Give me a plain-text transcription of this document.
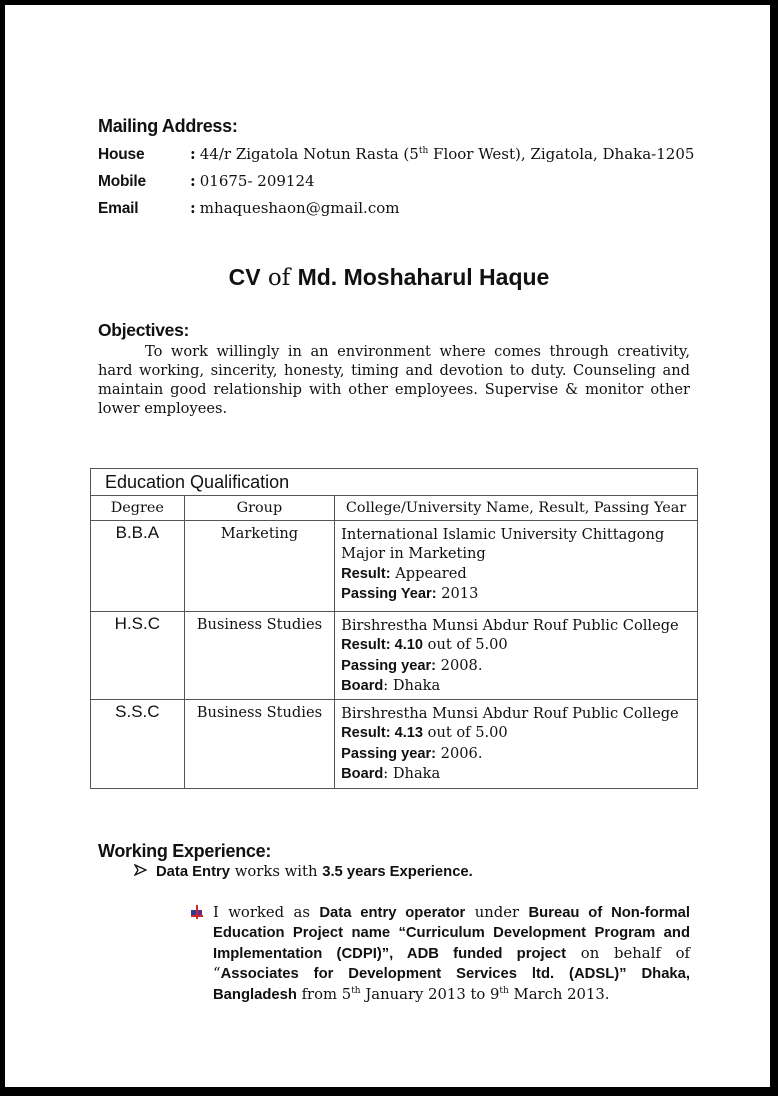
Mailing Address:
House	: 44/r Zigatola Notun Rasta (5th Floor West), Zigatola, Dhaka-1205
Mobile	: 01675- 209124
Email	: mhaqueshaon@gmail.com
CV of Md. Moshaharul Haque
Objectives:

To work willingly in an environment where comes through creativity, hard working, sincerity, honesty, timing and devotion to duty. Counseling and maintain good relationship with other employees. Supervise & monitor other lower employees.

Education Qualification		
Degree	Group	College/University Name, Result, Passing Year
B.B.A	Marketing	International Islamic University Chittagong
Major in Marketing
Result: Appeared
Passing Year: 2013

H.S.C	Business Studies	Birshrestha Munsi Abdur Rouf Public College
Result: 4.10 out of 5.00
Passing year: 2008.
Board: Dhaka

S.S.C	Business Studies	Birshrestha Munsi Abdur Rouf Public College
Result: 4.13 out of 5.00
Passing year: 2006.
Board: Dhaka
Working Experience:
Data Entry works with 3.5 years Experience.

I worked as Data entry operator under Bureau of Non-formal Education Project name “Curriculum Development Program and Implementation (CDPI)”, ADB funded project on behalf of “Associates for Development Services ltd. (ADSL)” Dhaka, Bangladesh from 5th January 2013 to 9th March 2013.
